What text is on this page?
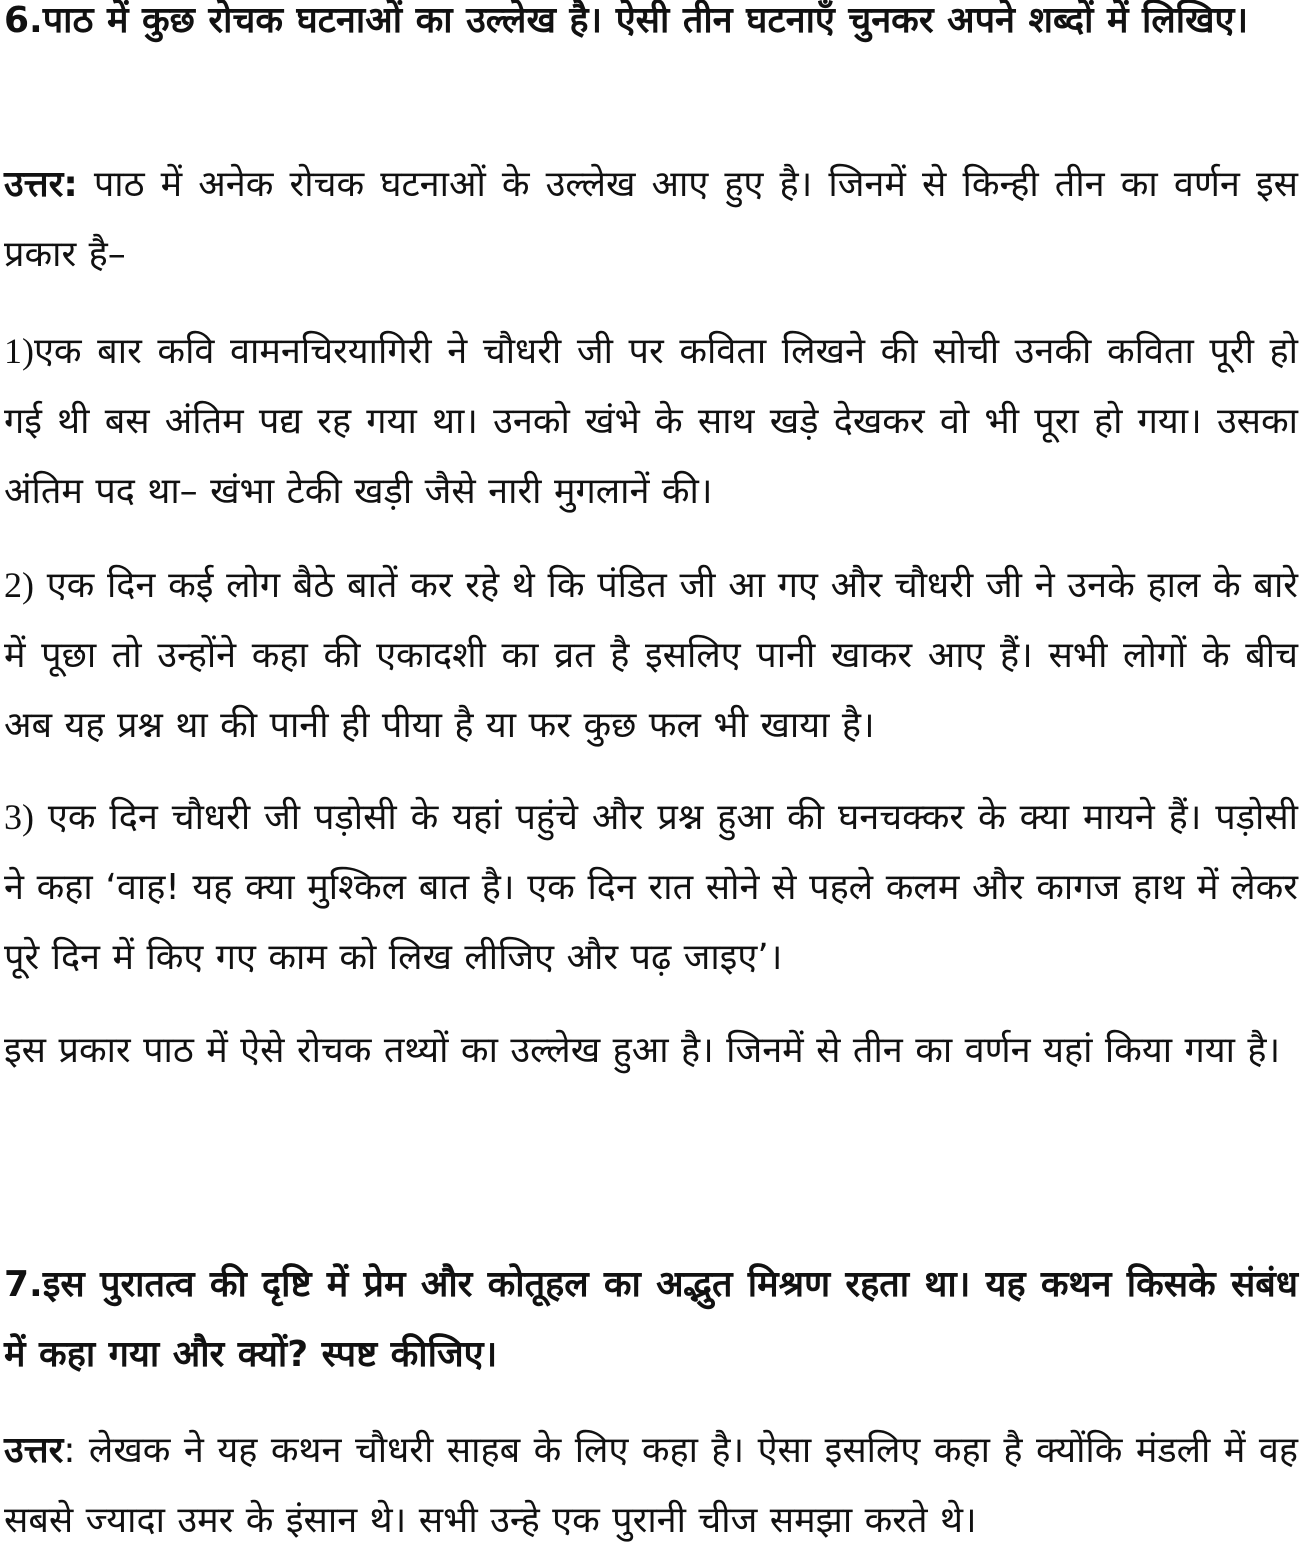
6.पाठ में कुछ रोचक घटनाओं का उल्लेख है। ऐसी तीन घटनाएँ चुनकर अपने शब्दों में लिखिए।

उत्तर: पाठ में अनेक रोचक घटनाओं के उल्लेख आए हुए है। जिनमें से किन्ही तीन का वर्णन इस प्रकार है–

1)एक बार कवि वामनचिरयागिरी ने चौधरी जी पर कविता लिखने की सोची उनकी कविता पूरी हो गई थी बस अंतिम पद्य रह गया था। उनको खंभे के साथ खड़े देखकर वो भी पूरा हो गया। उसका अंतिम पद था– खंभा टेकी खड़ी जैसे नारी मुगलानें की।

2) एक दिन कई लोग बैठे बातें कर रहे थे कि पंडित जी आ गए और चौधरी जी ने उनके हाल के बारे में पूछा तो उन्होंने कहा की एकादशी का व्रत है इसलिए पानी खाकर आए हैं। सभी लोगों के बीच अब यह प्रश्न था की पानी ही पीया है या फर कुछ फल भी खाया है।

3) एक दिन चौधरी जी पड़ोसी के यहां पहुंचे और प्रश्न हुआ की घनचक्कर के क्या मायने हैं। पड़ोसी ने कहा ‘वाह! यह क्या मुश्किल बात है। एक दिन रात सोने से पहले कलम और कागज हाथ में लेकर पूरे दिन में किए गए काम को लिख लीजिए और पढ़ जाइए’।

इस प्रकार पाठ में ऐसे रोचक तथ्यों का उल्लेख हुआ है। जिनमें से तीन का वर्णन यहां किया गया है।

7.इस पुरातत्व की दृष्टि में प्रेम और कोतूहल का अद्भुत मिश्रण रहता था। यह कथन किसके संबंध में कहा गया और क्यों? स्पष्ट कीजिए।

उत्तर: लेखक ने यह कथन चौधरी साहब के लिए कहा है। ऐसा इसलिए कहा है क्योंकि मंडली में वह सबसे ज्यादा उमर के इंसान थे। सभी उन्हे एक पुरानी चीज समझा करते थे।
